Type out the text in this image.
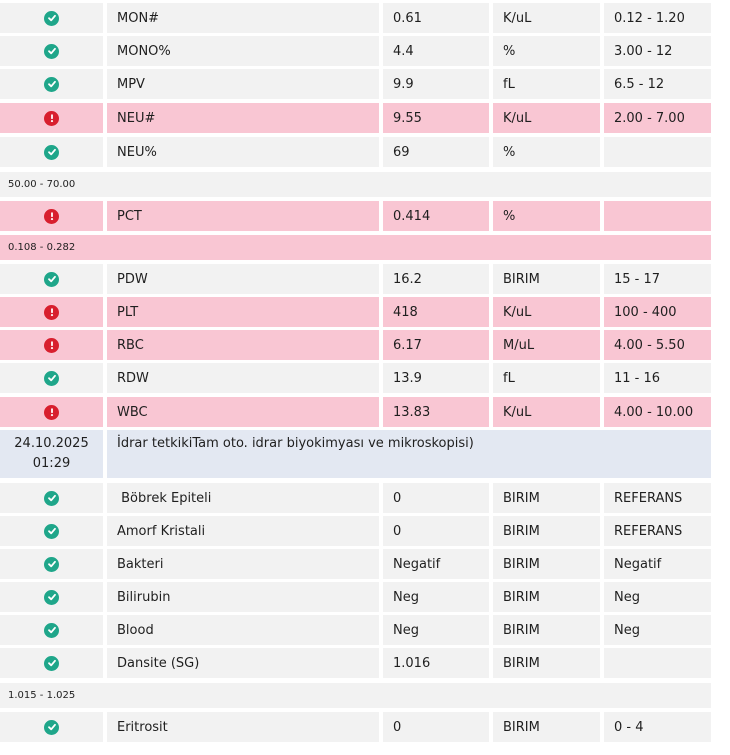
MON#	0.61	K/uL	0.12 - 1.20
MONO%	4.4	%	3.00 - 12
MPV	9.9	fL	6.5 - 12
NEU#	9.55	K/uL	2.00 - 7.00
NEU%	69	%
50.00 - 70.00
PCT	0.414	%
0.108 - 0.282
PDW	16.2	BIRIM	15 - 17
PLT	418	K/uL	100 - 400
RBC	6.17	M/uL	4.00 - 5.50
RDW	13.9	fL	11 - 16
WBC	13.83	K/uL	4.00 - 10.00
24.10.2025
01:29
İdrar tetkikiTam oto. idrar biyokimyası ve mikroskopisi)
Böbrek Epiteli	0	BIRIM	REFERANS
Amorf Kristali	0	BIRIM	REFERANS
Bakteri	Negatif	BIRIM	Negatif
Bilirubin	Neg	BIRIM	Neg
Blood	Neg	BIRIM	Neg
Dansite (SG)	1.016	BIRIM
1.015 - 1.025
Eritrosit	0	BIRIM	0 - 4
